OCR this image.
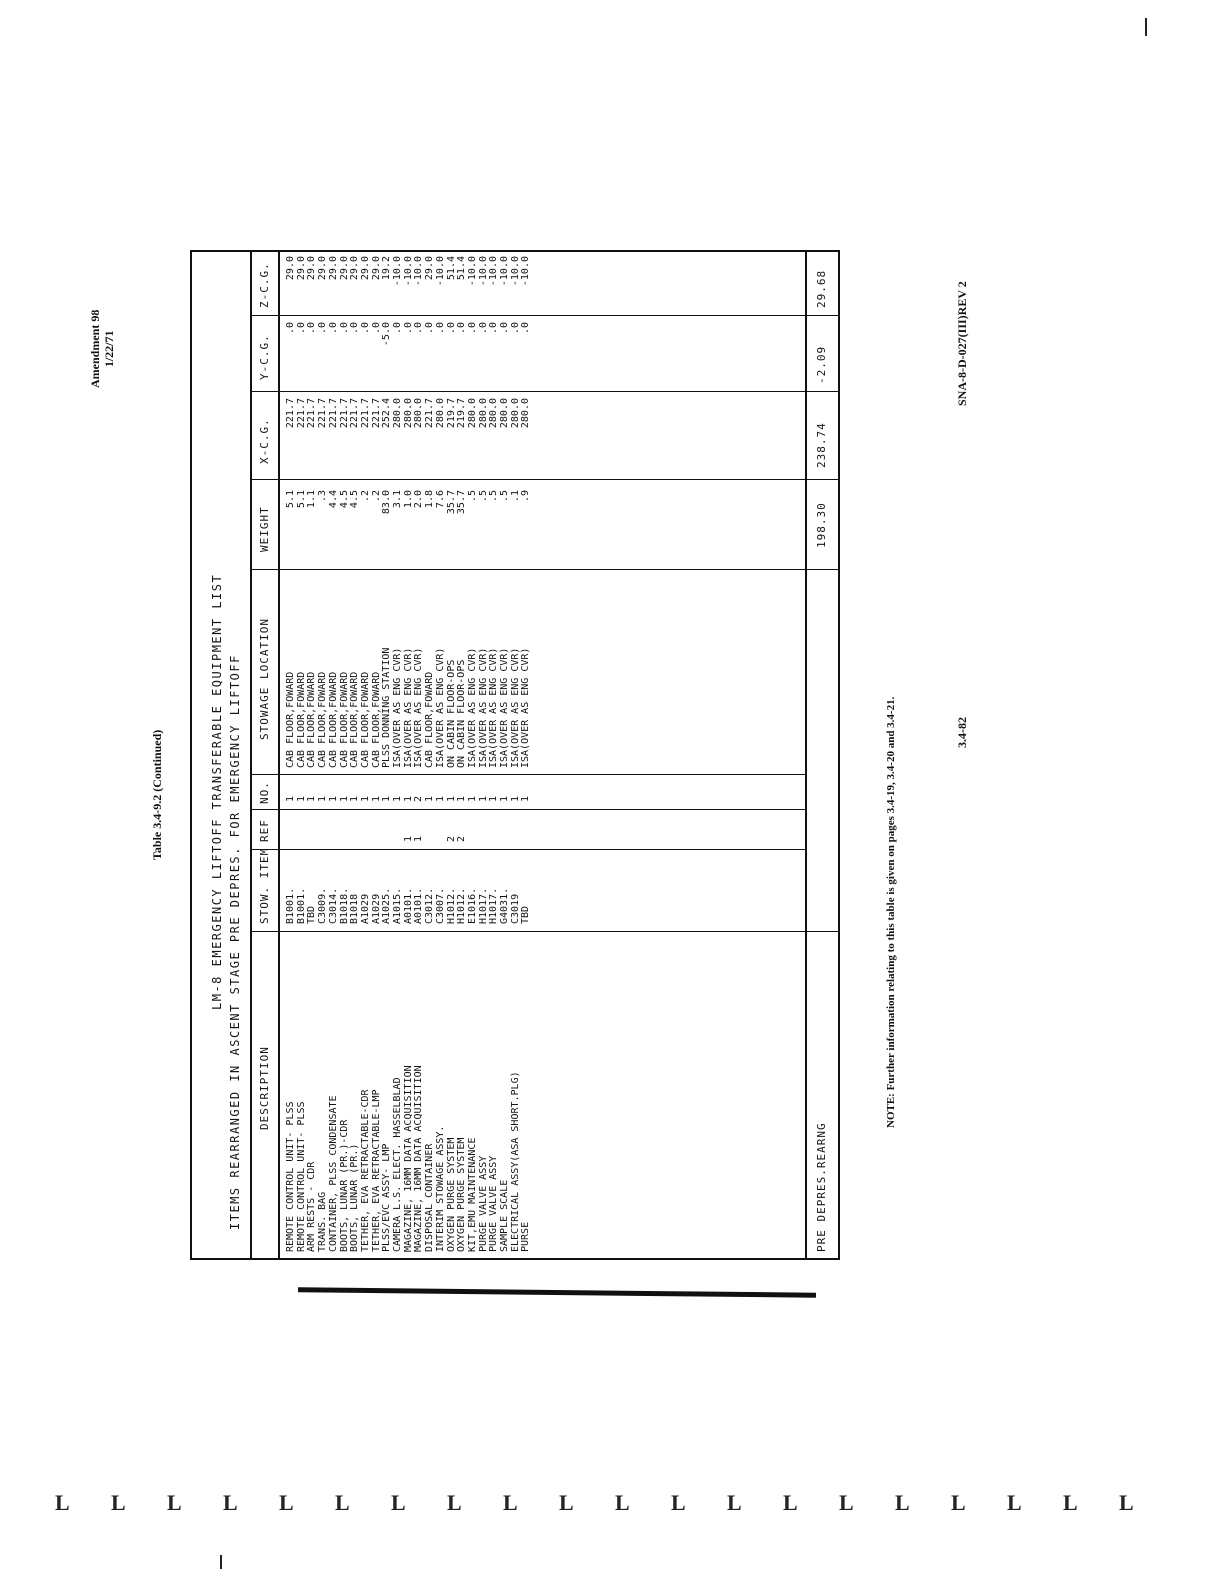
Amendment 98 1/22/71
Table 3.4-9.2 (Continued)	LM-8 EMERGENCY LIFTOFF TRANSFERABLE EQUIPMENT LIST ITEMS REARRANGED IN ASCENT STAGE PRE DEPRES. FOR EMERGENCY LIFTOFF DESCRIPTION
STOW. ITEM
REF
NO.
STOWAGE LOCATION
WEIGHT
X-C.G.
Y-C.G.
Z-C.G.
REMOTE CONTROL UNIT- PLSS
B1001.
1
CAB FLOOR,FOWARD
5.1
221.7
.0
29.0
REMOTE CONTROL UNIT- PLSS
B1001.
1
CAB FLOOR,FOWARD
5.1
221.7
.0
29.0
ARM RESTS - CDR
TBD
1
CAB FLOOR,FOWARD
1.1
221.7
.0
29.0
TRANS. BAG
C3009.
1
CAB FLOOR,FOWARD
.3
221.7
.0
29.0
CONTAINER, PLSS CONDENSATE
C3014.
1
CAB FLOOR,FOWARD
4.4
221.7
.0
29.0
BOOTS, LUNAR (PR.)-CDR
B1018.
1
CAB FLOOR,FOWARD
4.5
221.7
.0
29.0
BOOTS, LUNAR (PR.)
B1018
1
CAB FLOOR,FOWARD
4.5
221.7
.0
29.0
TETHER, EVA RETRACTABLE-CDR
A1029
1
CAB FLOOR,FOWARD
.2
221.7
.0
29.0
TETHER, EVA RETRACTABLE-LMP
A1029
1
CAB FLOOR,FOWARD
.2
221.7
.0
29.0
PLSS/EVC ASSY- LMP
A1025.
1
PLSS DONNING STATION
83.0
252.4
-5.0
19.2
CAMERA L.S. ELECT. HASSELBLAD
A1015.
1
ISA(OVER AS ENG CVR)
3.1
280.0
.0
-10.0
MAGAZINE, 16MM DATA ACQUISITION
A0101.
1
1
ISA(OVER AS ENG CVR)
1.0
280.0
.0
-10.0
MAGAZINE, 16MM DATA ACQUISITION
A0101.
1
2
ISA(OVER AS ENG CVR)
2.0
280.0
.0
-10.0
DISPOSAL CONTAINER
C3012.
1
CAB FLOOR,FOWARD
1.8
221.7
.0
29.0
INTERIM STOWAGE ASSY.
C3007.
1
ISA(OVER AS ENG CVR)
7.6
280.0
.0
-10.0
OXYGEN PURGE SYSTEM
H1012.
2
1
ON CABIN FLOOR-OPS
35.7
219.7
.0
51.4
OXYGEN PURGE SYSTEM
H1012.
2
1
ON CABIN FLOOR-OPS
35.7
219.7
.0
51.4
KIT,EMU MAINTENANCE
E1016.
1
ISA(OVER AS ENG CVR)
.5
280.0
.0
-10.0
PURGE VALVE ASSY
H1017.
1
ISA(OVER AS ENG CVR)
.5
280.0
.0
-10.0
PURGE VALVE ASSY
H1017.
1
ISA(OVER AS ENG CVR)
.5
280.0
.0
-10.0
SAMPLE SCALE
G4031.
1
ISA(OVER AS ENG CVR)
.5
280.0
.0
-10.0
ELECTRICAL ASSY(ASA SHORT.PLG)
C3019
1
ISA(OVER AS ENG CVR)
.1
280.0
.0
-10.0
PURSE
TBD
1
ISA(OVER AS ENG CVR)
.9
280.0
.0
-10.0
PRE DEPRES.REARNG
198.30
238.74
-2.09
29.68
3.4-82
SNA-8-D-027(III)REV 2
NOTE: Further information relating to this table is given on pages 3.4-19, 3.4-20 and 3.4-21.
L L L L L L L L L L L L L L L L L L L L
